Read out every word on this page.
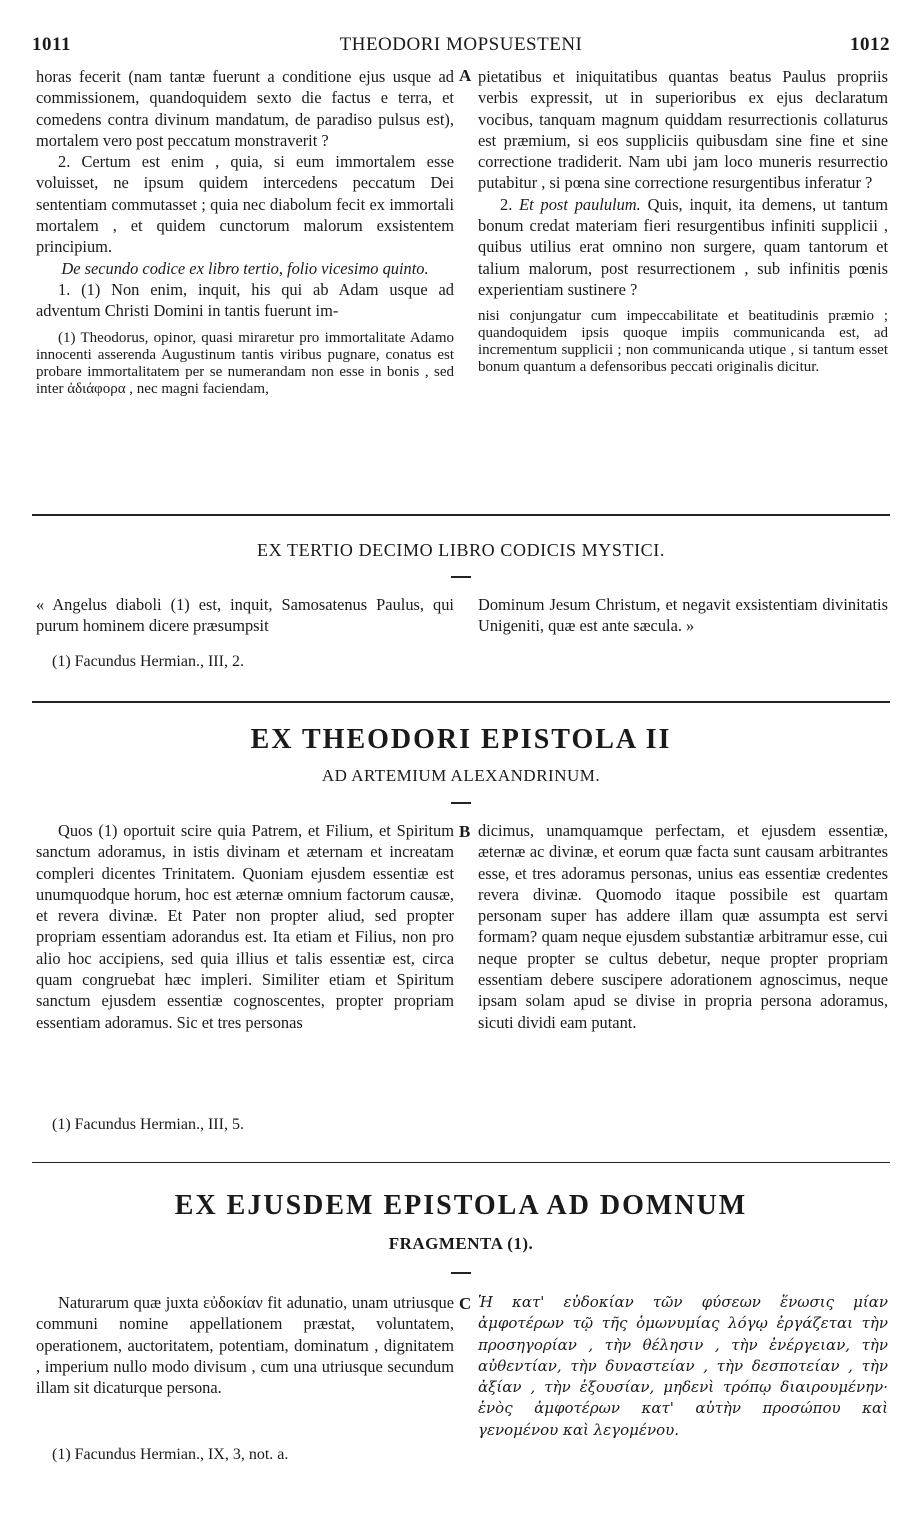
1011	THEODORI MOPSUESTENI	1012

horas fecerit (nam tantæ fuerunt a conditione ejus usque ad commissionem, quandoquidem sexto die factus e terra, et comedens contra divinum mandatum, de paradiso pulsus est), mortalem vero post peccatum monstraverit ?

2. Certum est enim , quia, si eum immortalem esse voluisset, ne ipsum quidem intercedens peccatum Dei sententiam commutasset ; quia nec diabolum fecit ex immortali mortalem , et quidem cunctorum malorum exsistentem principium.

De secundo codice ex libro tertio, folio vicesimo quinto.

1. (1) Non enim, inquit, his qui ab Adam usque ad adventum Christi Domini in tantis fuerunt im-

(1) Theodorus, opinor, quasi miraretur pro immortalitate Adamo innocenti asserenda Augustinum tantis viribus pugnare, conatus est probare immortalitatem per se numerandam non esse in bonis , sed inter ἀδιάφορα , nec magni faciendam,

A pietatibus et iniquitatibus quantas beatus Paulus propriis verbis expressit, ut in superioribus ex ejus declaratum vocibus, tanquam magnum quiddam resurrectionis collaturus est præmium, si eos suppliciis quibusdam sine fine et sine correctione tradiderit. Nam ubi jam loco muneris resurrectio putabitur , si pœna sine correctione resurgentibus inferatur ?

2. Et post paululum. Quis, inquit, ita demens, ut tantum bonum credat materiam fieri resurgentibus infiniti supplicii , quibus utilius erat omnino non surgere, quam tantorum et talium malorum, post resurrectionem , sub infinitis pœnis experientiam sustinere ?

nisi conjungatur cum impeccabilitate et beatitudinis præmio ; quandoquidem ipsis quoque impiis communicanda est, ad incrementum supplicii ; non communicanda utique , si tantum esset bonum quantum a defensoribus peccati originalis dicitur.

EX TERTIO DECIMO LIBRO CODICIS MYSTICI.

« Angelus diaboli (1) est, inquit, Samosatenus Paulus, qui purum hominem dicere præsumpsit

Dominum Jesum Christum, et negavit exsistentiam divinitatis Unigeniti, quæ est ante sæcula. »

(1) Facundus Hermian., III, 2.
EX THEODORI EPISTOLA II
AD ARTEMIUM ALEXANDRINUM.

Quos (1) oportuit scire quia Patrem, et Filium, et Spiritum sanctum adoramus, in istis divinam et æternam et increatam compleri dicentes Trinitatem. Quoniam ejusdem essentiæ est unumquodque horum, hoc est æternæ omnium factorum causæ, et revera divinæ. Et Pater non propter aliud, sed propter propriam essentiam adorandus est. Ita etiam et Filius, non pro alio hoc accipiens, sed quia illius et talis essentiæ est, circa quam congruebat hæc impleri. Similiter etiam et Spiritum sanctum ejusdem essentiæ cognoscentes, propter propriam essentiam adoramus. Sic et tres personas

B dicimus, unamquamque perfectam, et ejusdem essentiæ, æternæ ac divinæ, et eorum quæ facta sunt causam arbitrantes esse, et tres adoramus personas, unius eas essentiæ credentes revera divinæ. Quomodo itaque possibile est quartam personam super has addere illam quæ assumpta est servi formam? quam neque ejusdem substantiæ arbitramur esse, cui neque propter se cultus debetur, neque propter propriam essentiam debere suscipere adorationem agnoscimus, neque ipsam solam apud se divise in propria persona adoramus, sicuti dividi eam putant.

(1) Facundus Hermian., III, 5.
EX EJUSDEM EPISTOLA AD DOMNUM
FRAGMENTA (1).

Naturarum quæ juxta εὐδοκίαν fit adunatio, unam utriusque communi nomine appellationem præstat, voluntatem, operationem, auctoritatem, potentiam, dominatum , dignitatem , imperium nullo modo divisum , cum una utriusque secundum illam sit dicaturque persona.

C Ἡ κατ' εὐδοκίαν τῶν φύσεων ἕνωσις μίαν ἀμφοτέρων τῷ τῆς ὁμωνυμίας λόγῳ ἐργάζεται τὴν προσηγορίαν , τὴν θέλησιν , τὴν ἐνέργειαν, τὴν αὐθεντίαν, τὴν δυναστείαν , τὴν δεσποτείαν , τὴν ἀξίαν , τὴν ἐξουσίαν, μηδενὶ τρόπῳ διαιρουμένην· ἑνὸς ἀμφοτέρων κατ' αὐτὴν προσώπου καὶ γενομένου καὶ λεγομένου.

(1) Facundus Hermian., IX, 3, not. a.
